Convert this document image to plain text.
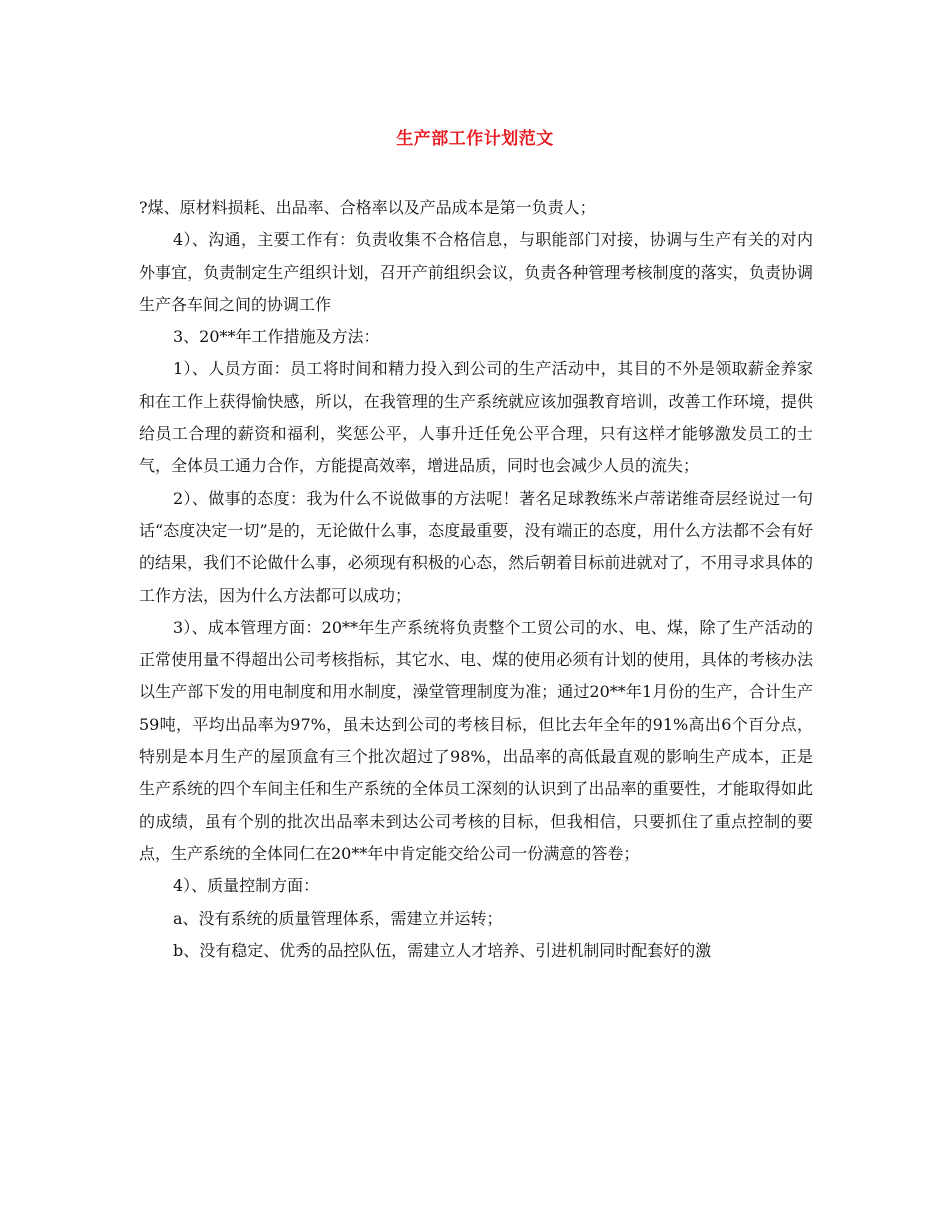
生产部工作计划范文

?煤、原材料损耗、出品率、合格率以及产品成本是第一负责人；

4）、沟通，主要工作有：负责收集不合格信息，与职能部门对接，协调与生产有关的对内外事宜，负责制定生产组织计划，召开产前组织会议，负责各种管理考核制度的落实，负责协调生产各车间之间的协调工作

3、20**年工作措施及方法：

1）、人员方面：员工将时间和精力投入到公司的生产活动中，其目的不外是领取薪金养家和在工作上获得愉快感，所以，在我管理的生产系统就应该加强教育培训，改善工作环境，提供给员工合理的薪资和福利，奖惩公平，人事升迁任免公平合理，只有这样才能够激发员工的士气，全体员工通力合作，方能提高效率，增进品质，同时也会减少人员的流失；

2）、做事的态度：我为什么不说做事的方法呢！著名足球教练米卢蒂诺维奇层经说过一句话“态度决定一切”是的，无论做什么事，态度最重要，没有端正的态度，用什么方法都不会有好的结果，我们不论做什么事，必须现有积极的心态，然后朝着目标前进就对了，不用寻求具体的工作方法，因为什么方法都可以成功；

3）、成本管理方面：20**年生产系统将负责整个工贸公司的水、电、煤，除了生产活动的正常使用量不得超出公司考核指标，其它水、电、煤的使用必须有计划的使用，具体的考核办法以生产部下发的用电制度和用水制度，澡堂管理制度为准；通过20**年1月份的生产，合计生产59吨，平均出品率为97%，虽未达到公司的考核目标，但比去年全年的91%高出6个百分点，特别是本月生产的屋顶盒有三个批次超过了98%，出品率的高低最直观的影响生产成本，正是生产系统的四个车间主任和生产系统的全体员工深刻的认识到了出品率的重要性，才能取得如此的成绩，虽有个别的批次出品率未到达公司考核的目标，但我相信，只要抓住了重点控制的要点，生产系统的全体同仁在20**年中肯定能交给公司一份满意的答卷；

4）、质量控制方面：

a、没有系统的质量管理体系，需建立并运转；

b、没有稳定、优秀的品控队伍，需建立人才培养、引进机制同时配套好的激
